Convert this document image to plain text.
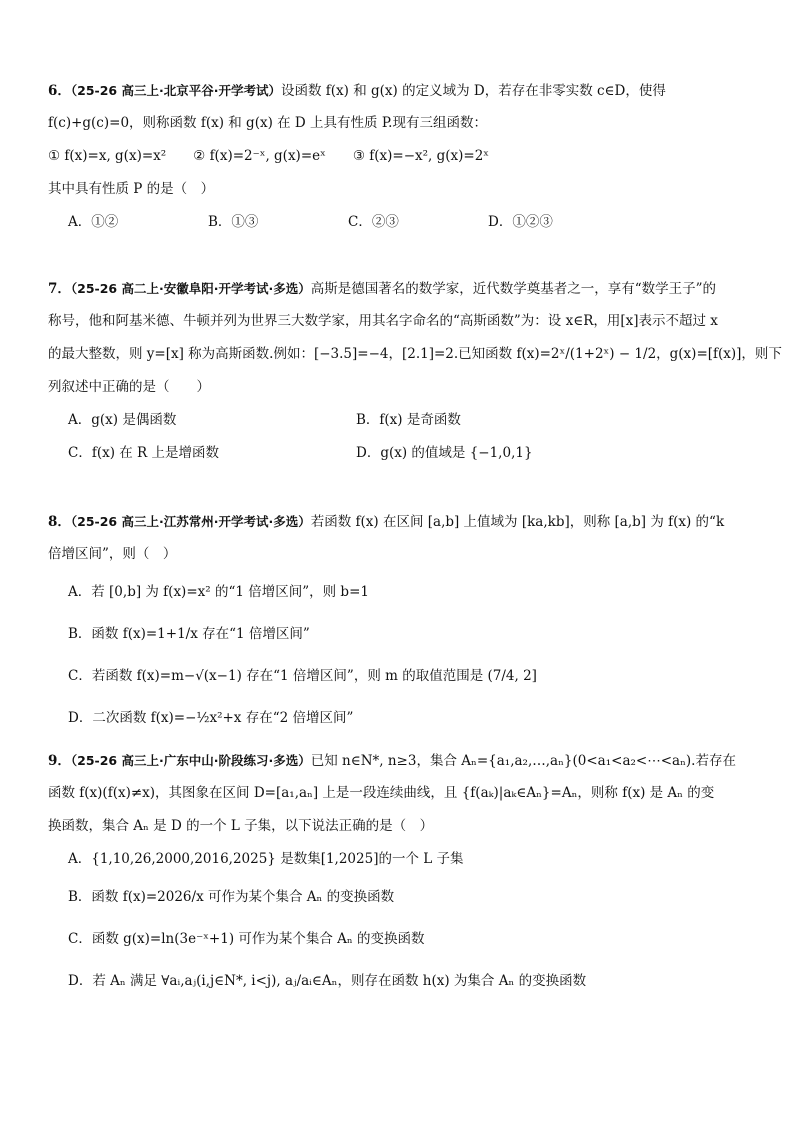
6．（25-26 高三上·北京平谷·开学考试）设函数 f(x) 和 g(x) 的定义域为 D，若存在非零实数 c∈D，使得
f(c)+g(c)=0，则称函数 f(x) 和 g(x) 在 D 上具有性质 P.现有三组函数：
① f(x)=x, g(x)=x²　　② f(x)=2⁻ˣ, g(x)=eˣ　　③ f(x)=−x², g(x)=2ˣ
其中具有性质 P 的是（　）
A．①②	B．①③	C．②③	D．①②③
7．（25-26 高二上·安徽阜阳·开学考试·多选）高斯是德国著名的数学家，近代数学奠基者之一，享有“数学王子”的
称号，他和阿基米德、牛顿并列为世界三大数学家，用其名字命名的“高斯函数”为：设 x∈R，用[x]表示不超过 x
的最大整数，则 y=[x] 称为高斯函数.例如：[−3.5]=−4，[2.1]=2.已知函数 f(x)=2ˣ/(1+2ˣ) − 1/2，g(x)=[f(x)]，则下
列叙述中正确的是（　　）
A．g(x) 是偶函数	B．f(x) 是奇函数
C．f(x) 在 R 上是增函数	D．g(x) 的值域是 {−1,0,1}
8．（25-26 高三上·江苏常州·开学考试·多选）若函数 f(x) 在区间 [a,b] 上值域为 [ka,kb]，则称 [a,b] 为 f(x) 的“k
倍增区间”，则（　）
A．若 [0,b] 为 f(x)=x² 的“1 倍增区间”，则 b=1
B．函数 f(x)=1+1/x 存在“1 倍增区间”
C．若函数 f(x)=m−√(x−1) 存在“1 倍增区间”，则 m 的取值范围是 (7/4, 2]
D．二次函数 f(x)=−½x²+x 存在“2 倍增区间”
9．（25-26 高三上·广东中山·阶段练习·多选）已知 n∈N*, n≥3，集合 Aₙ={a₁,a₂,…,aₙ}(0<a₁<a₂<⋯<aₙ).若存在
函数 f(x)(f(x)≠x)，其图象在区间 D=[a₁,aₙ] 上是一段连续曲线，且 {f(aₖ)|aₖ∈Aₙ}=Aₙ，则称 f(x) 是 Aₙ 的变
换函数，集合 Aₙ 是 D 的一个 L 子集，以下说法正确的是（　）
A．{1,10,26,2000,2016,2025} 是数集[1,2025]的一个 L 子集
B．函数 f(x)=2026/x 可作为某个集合 Aₙ 的变换函数
C．函数 g(x)=ln(3e⁻ˣ+1) 可作为某个集合 Aₙ 的变换函数
D．若 Aₙ 满足 ∀aᵢ,aⱼ(i,j∈N*, i<j), aⱼ/aᵢ∈Aₙ，则存在函数 h(x) 为集合 Aₙ 的变换函数
